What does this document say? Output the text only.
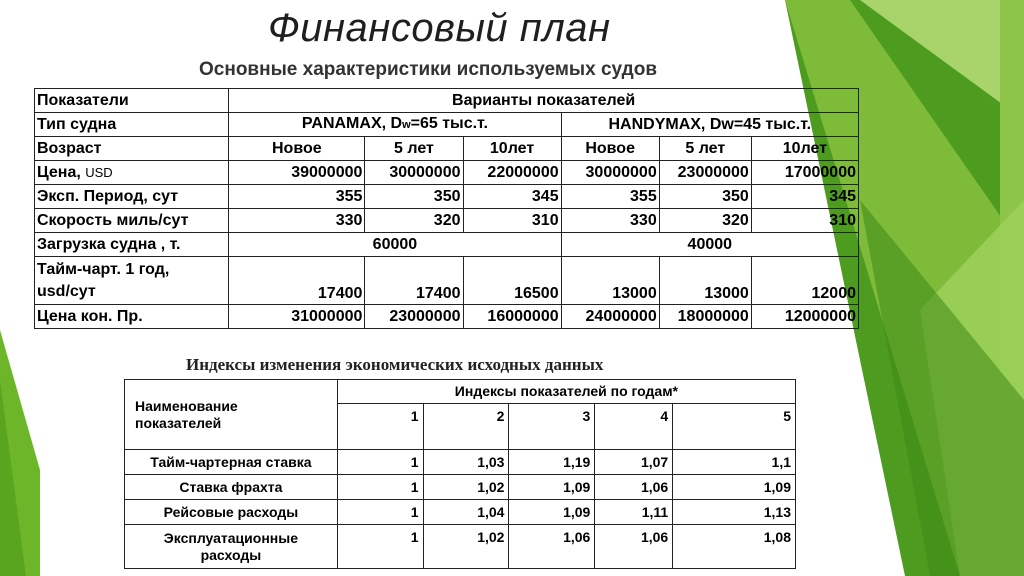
Финансовый план
Основные характеристики используемых судов
Показатели	Варианты показателей					
Тип судна	PANAMAX, Dw=65 тыс.т.			HANDYMAX, Dw=45 тыс.т.		
Возраст	Новое	5 лет	10лет	Новое	5 лет	10лет
Цена, USD	39000000	30000000	22000000	30000000	23000000	17000000
Эксп. Период, сут	355	350	345	355	350	345
Скорость миль/сут	330	320	310	330	320	310
Загрузка судна , т.	60000			40000		
Тайм-чарт. 1 год,
usd/сут	17400	17400	16500	13000	13000	12000
Цена кон. Пр.	31000000	23000000	16000000	24000000	18000000	12000000
Индексы изменения экономических исходных данных
Наименование
показателей	Индексы показателей по годам*				
	1	2	3	4	5
Тайм-чартерная ставка	1	1,03	1,19	1,07	1,1
Ставка фрахта	1	1,02	1,09	1,06	1,09
Рейсовые расходы	1	1,04	1,09	1,11	1,13
Эксплуатационные
расходы	1	1,02	1,06	1,06	1,08
